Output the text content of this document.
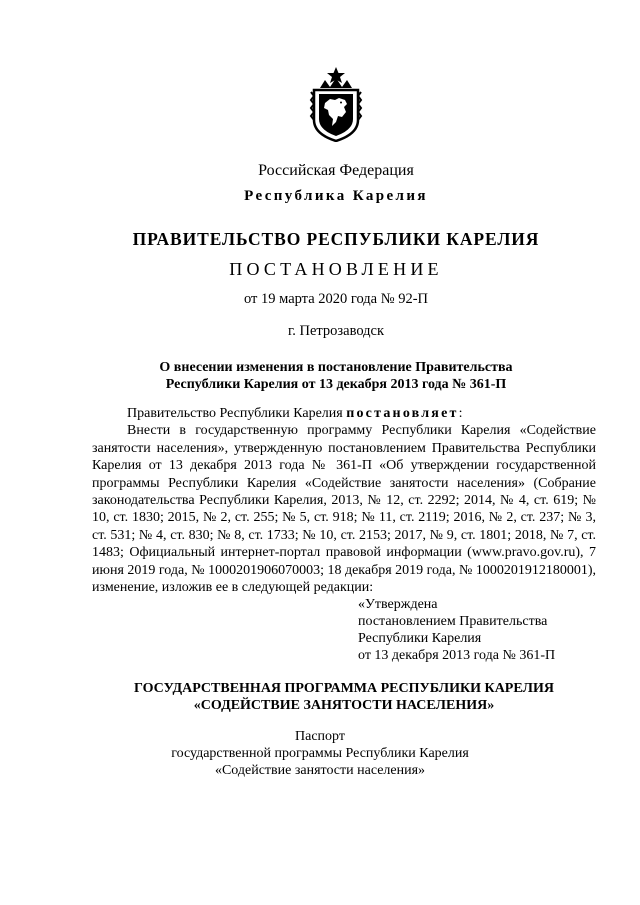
Российская Федерация
Республика Карелия
ПРАВИТЕЛЬСТВО РЕСПУБЛИКИ КАРЕЛИЯ
ПОСТАНОВЛЕНИЕ
от 19 марта 2020 года № 92-П
г. Петрозаводск
О внесении изменения в постановление Правительства
Республики Карелия от 13 декабря 2013 года № 361-П

Правительство Республики Карелия постановляет:

Внести в государственную программу Республики Карелия «Содействие занятости населения», утвержденную постановлением Правительства Республики Карелия от 13 декабря 2013 года № 361-П «Об утверждении государственной программы Республики Карелия «Содействие занятости населения» (Собрание законодательства Республики Карелия, 2013, № 12, ст. 2292; 2014, № 4, ст. 619; № 10, ст. 1830; 2015, № 2, ст. 255; № 5, ст. 918; № 11, ст. 2119; 2016, № 2, ст. 237; № 3, ст. 531; № 4, ст. 830; № 8, ст. 1733; № 10, ст. 2153; 2017, № 9, ст. 1801; 2018, № 7, ст. 1483; Официальный интернет-портал правовой информации (www.pravo.gov.ru), 7 июня 2019 года, № 1000201906070003; 18 декабря 2019 года, № 1000201912180001), изменение, изложив ее в следующей редакции:

«Утверждена
постановлением Правительства
Республики Карелия
от 13 декабря 2013 года № 361-П
ГОСУДАРСТВЕННАЯ ПРОГРАММА РЕСПУБЛИКИ КАРЕЛИЯ
«СОДЕЙСТВИЕ ЗАНЯТОСТИ НАСЕЛЕНИЯ»
Паспорт
государственной программы Республики Карелия
«Содействие занятости населения»
